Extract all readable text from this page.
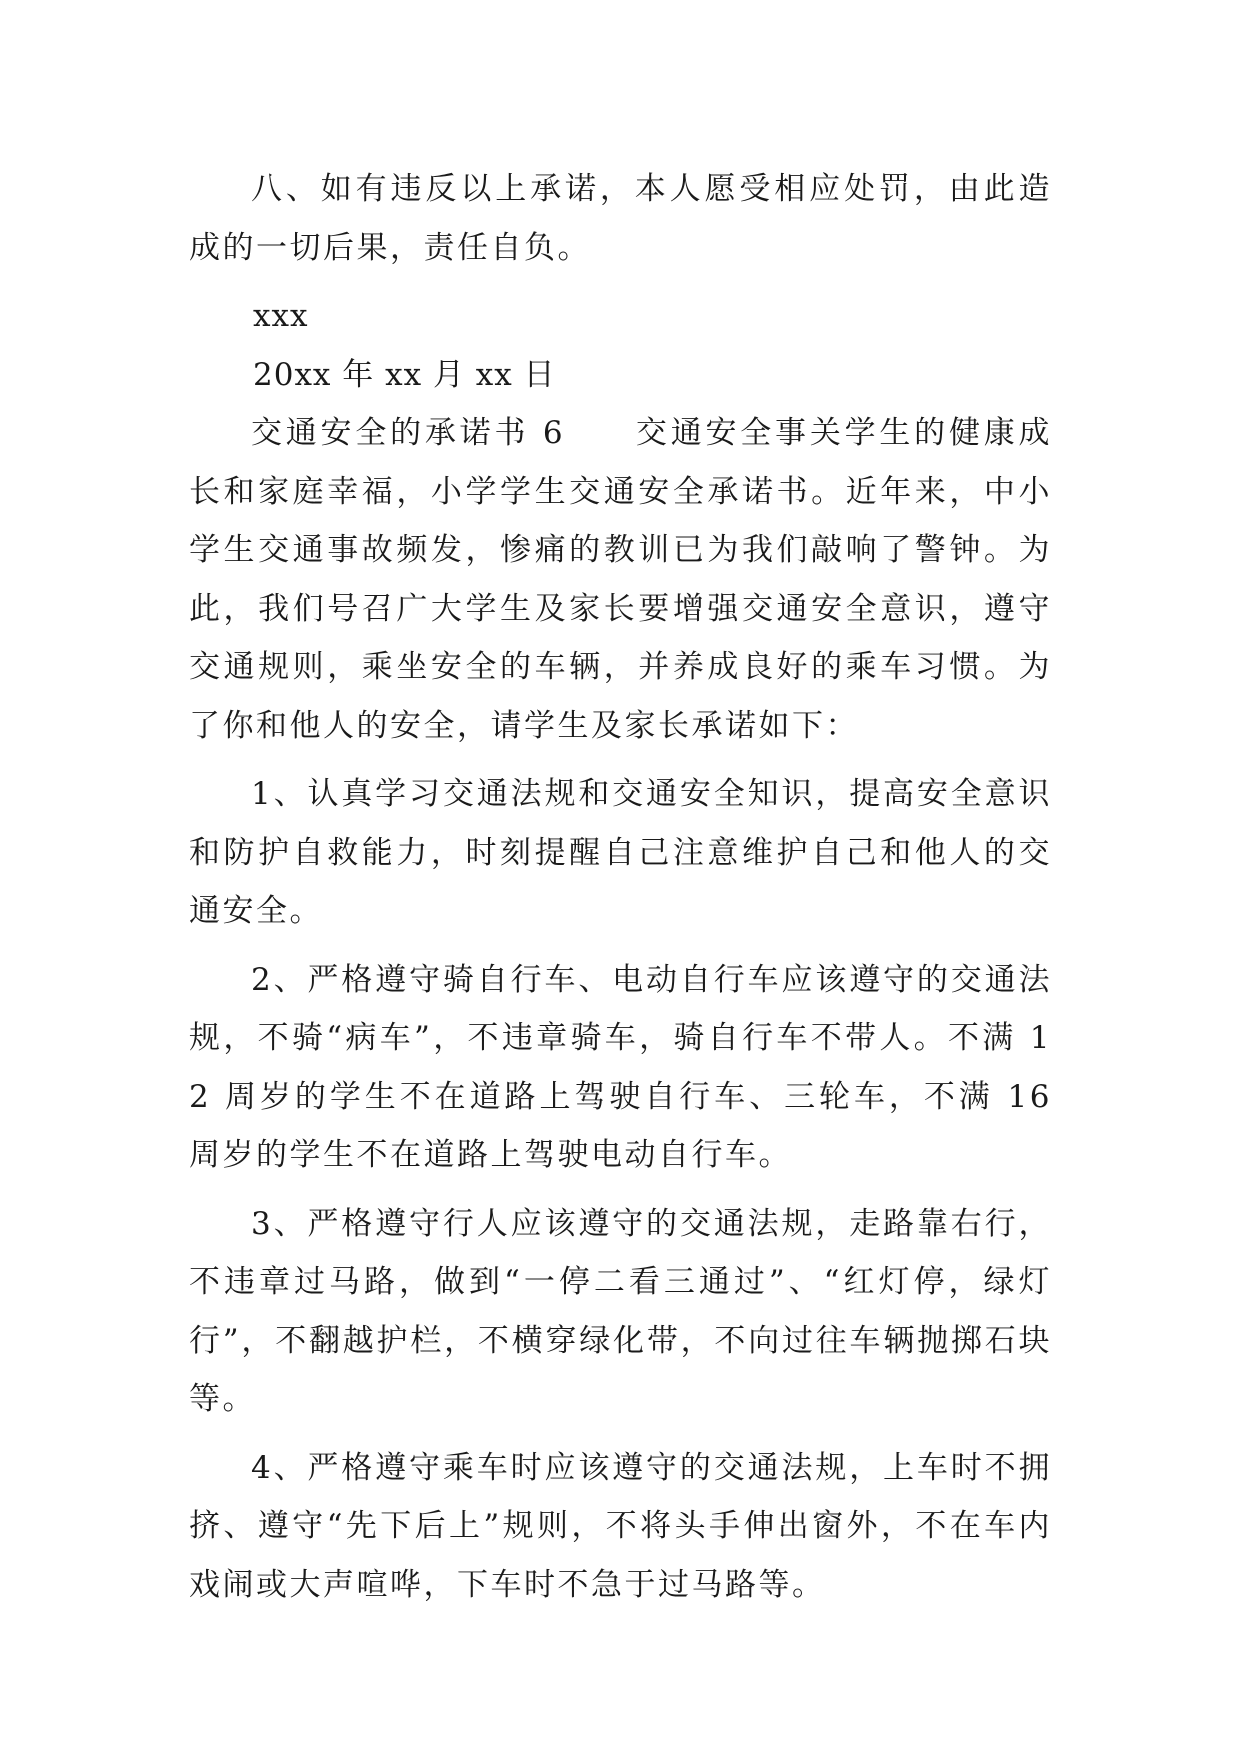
八、如有违反以上承诺，本人愿受相应处罚，由此造成的一切后果，责任自负。

xxx

20xx 年 xx 月 xx 日

交通安全的承诺书 6　　交通安全事关学生的健康成长和家庭幸福，小学学生交通安全承诺书。近年来，中小学生交通事故频发，惨痛的教训已为我们敲响了警钟。为此，我们号召广大学生及家长要增强交通安全意识，遵守交通规则，乘坐安全的车辆，并养成良好的乘车习惯。为了你和他人的安全，请学生及家长承诺如下：

1、认真学习交通法规和交通安全知识，提高安全意识和防护自救能力，时刻提醒自己注意维护自己和他人的交通安全。

2、严格遵守骑自行车、电动自行车应该遵守的交通法规，不骑“病车”，不违章骑车，骑自行车不带人。不满 12 周岁的学生不在道路上驾驶自行车、三轮车，不满 16 周岁的学生不在道路上驾驶电动自行车。

3、严格遵守行人应该遵守的交通法规，走路靠右行，不违章过马路，做到“一停二看三通过”、“红灯停，绿灯行”，不翻越护栏，不横穿绿化带，不向过往车辆抛掷石块等。

4、严格遵守乘车时应该遵守的交通法规，上车时不拥挤、遵守“先下后上”规则，不将头手伸出窗外，不在车内戏闹或大声喧哗，下车时不急于过马路等。
